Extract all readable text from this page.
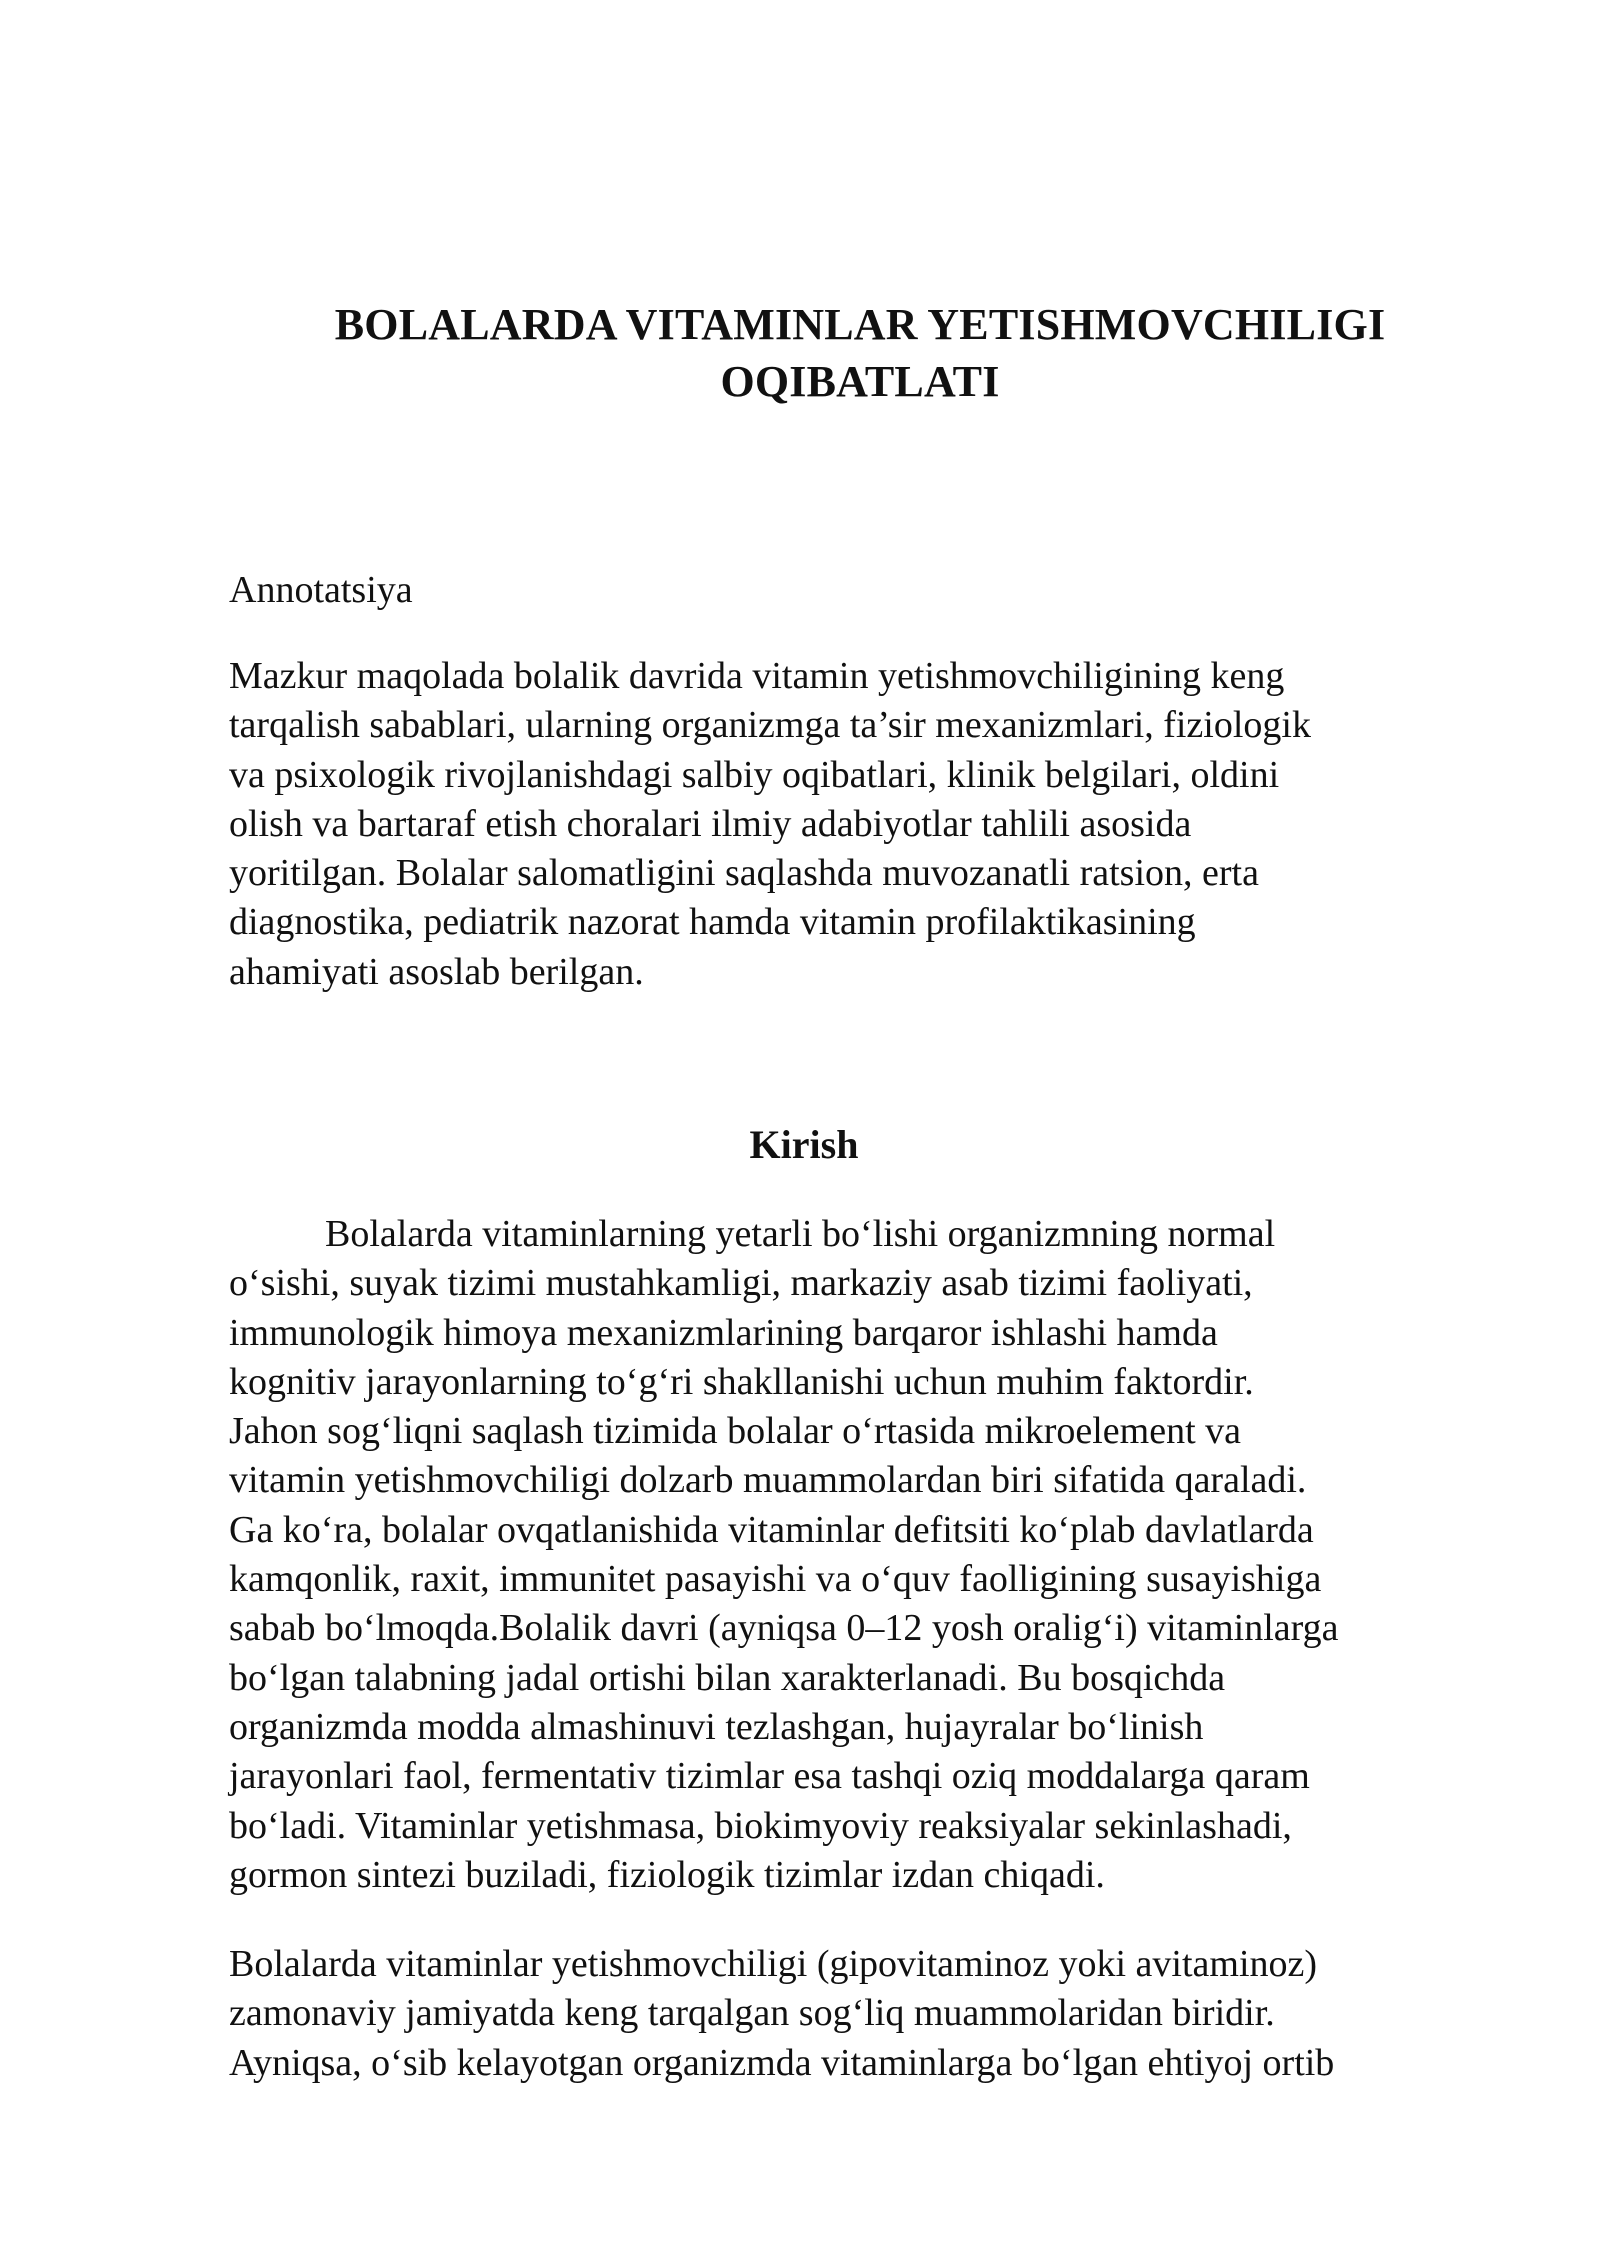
BOLALARDA VITAMINLAR YETISHMOVCHILIGI
OQIBATLATI

Annotatsiya

Mazkur maqolada bolalik davrida vitamin yetishmovchiligining keng
tarqalish sabablari, ularning organizmga ta’sir mexanizmlari, fiziologik
va psixologik rivojlanishdagi salbiy oqibatlari, klinik belgilari, oldini
olish va bartaraf etish choralari ilmiy adabiyotlar tahlili asosida
yoritilgan. Bolalar salomatligini saqlashda muvozanatli ratsion, erta
diagnostika, pediatrik nazorat hamda vitamin profilaktikasining
ahamiyati asoslab berilgan.

Kirish

Bolalarda vitaminlarning yetarli boʻlishi organizmning normal
oʻsishi, suyak tizimi mustahkamligi, markaziy asab tizimi faoliyati,
immunologik himoya mexanizmlarining barqaror ishlashi hamda
kognitiv jarayonlarning toʻgʻri shakllanishi uchun muhim faktordir.
Jahon sogʻliqni saqlash tizimida bolalar oʻrtasida mikroelement va
vitamin yetishmovchiligi dolzarb muammolardan biri sifatida qaraladi.
Ga koʻra, bolalar ovqatlanishida vitaminlar defitsiti koʻplab davlatlarda
kamqonlik, raxit, immunitet pasayishi va oʻquv faolligining susayishiga
sabab boʻlmoqda.Bolalik davri (ayniqsa 0–12 yosh oraligʻi) vitaminlarga
boʻlgan talabning jadal ortishi bilan xarakterlanadi. Bu bosqichda
organizmda modda almashinuvi tezlashgan, hujayralar boʻlinish
jarayonlari faol, fermentativ tizimlar esa tashqi oziq moddalarga qaram
boʻladi. Vitaminlar yetishmasa, biokimyoviy reaksiyalar sekinlashadi,
gormon sintezi buziladi, fiziologik tizimlar izdan chiqadi.

Bolalarda vitaminlar yetishmovchiligi (gipovitaminoz yoki avitaminoz)
zamonaviy jamiyatda keng tarqalgan sogʻliq muammolaridan biridir.
Ayniqsa, oʻsib kelayotgan organizmda vitaminlarga boʻlgan ehtiyoj ortib
